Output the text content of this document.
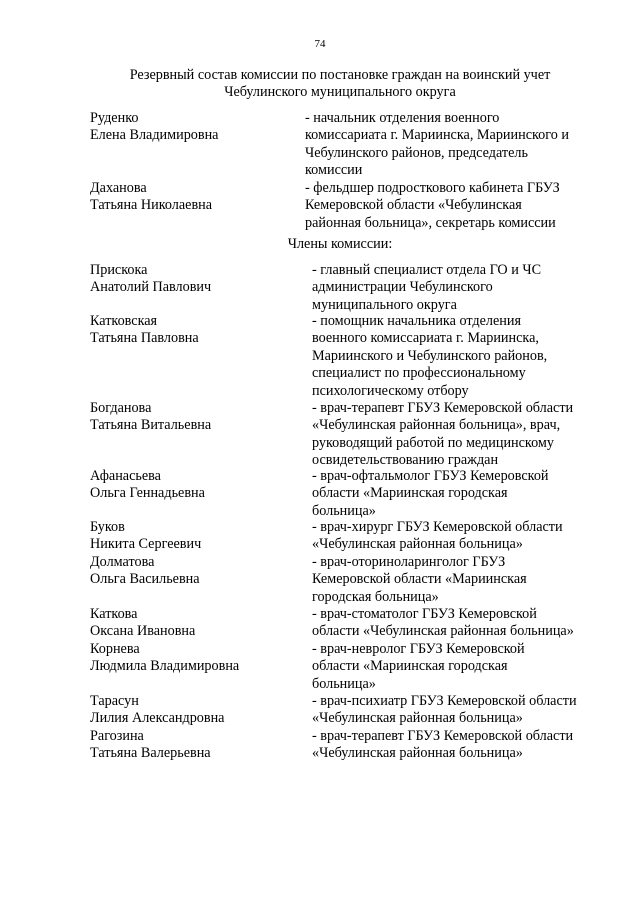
74
Резервный состав комиссии по постановке граждан на воинский учет
Чебулинского муниципального округа
Руденко
Елена Владимировна
- начальник отделения военного
комиссариата г. Мариинска, Мариинского и
Чебулинского районов, председатель
комиссии
Даханова
Татьяна Николаевна
- фельдшер подросткового кабинета ГБУЗ
Кемеровской области «Чебулинская
районная больница», секретарь комиссии
Члены комиссии:
Прискока
Анатолий Павлович
- главный специалист отдела ГО и ЧС
администрации Чебулинского
муниципального округа
Катковская
Татьяна Павловна
- помощник начальника отделения
военного комиссариата г. Мариинска,
Мариинского и Чебулинского районов,
специалист по профессиональному
психологическому отбору
Богданова
Татьяна Витальевна
- врач-терапевт ГБУЗ Кемеровской области
«Чебулинская районная больница», врач,
руководящий работой по медицинскому
освидетельствованию граждан
Афанасьева
Ольга Геннадьевна
- врач-офтальмолог ГБУЗ Кемеровской
области «Мариинская городская
больница»
Буков
Никита Сергеевич
- врач-хирург ГБУЗ Кемеровской области
«Чебулинская районная больница»
Долматова
Ольга Васильевна
- врач-оториноларинголог ГБУЗ
Кемеровской области «Мариинская
городская больница»
Каткова
Оксана Ивановна
- врач-стоматолог ГБУЗ Кемеровской
области «Чебулинская районная больница»
Корнева
Людмила Владимировна
- врач-невролог ГБУЗ Кемеровской
области «Мариинская городская
больница»
Тарасун
Лилия Александровна
- врач-психиатр ГБУЗ Кемеровской области
«Чебулинская районная больница»
Рагозина
Татьяна Валерьевна
- врач-терапевт ГБУЗ Кемеровской области
«Чебулинская районная больница»
